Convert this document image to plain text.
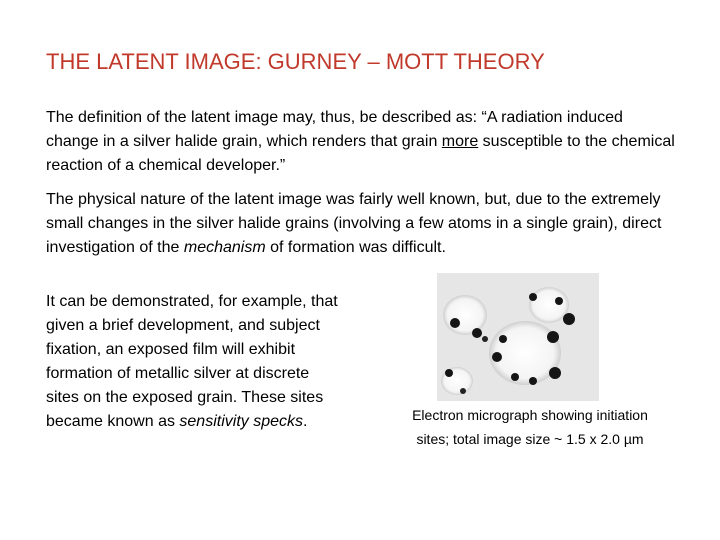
THE LATENT IMAGE: GURNEY – MOTT THEORY
The definition of the latent image may, thus, be described as: “A radiation induced change in a silver halide grain, which renders that grain more susceptible to the chemical reaction of a chemical developer.”
The physical nature of the latent image was fairly well known, but, due to the extremely small changes in the silver halide grains (involving a few atoms in a single grain), direct investigation of the mechanism of formation was difficult.
It can be demonstrated, for example, that given a brief development, and subject fixation, an exposed film will exhibit formation of metallic silver at discrete sites on the exposed grain. These sites became known as sensitivity specks.	Electron micrograph showing initiation
sites; total image size ~ 1.5 x 2.0 µm
